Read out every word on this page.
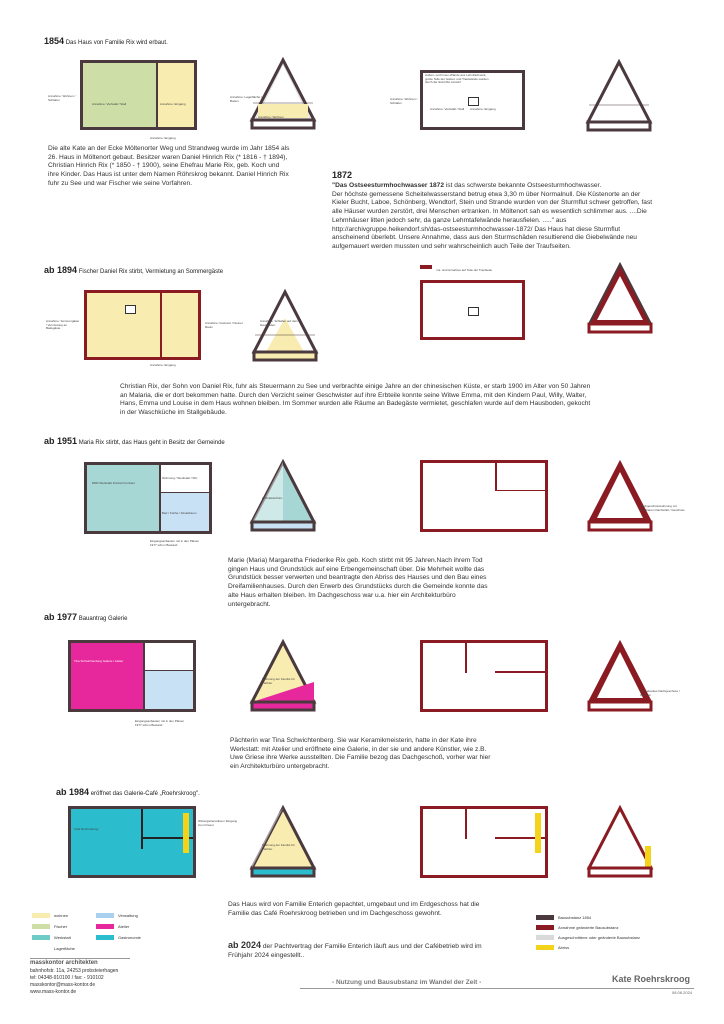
1854 Das Haus von Familie Rix wird erbaut.
Annahme: Wohnen / Schlafen
Annahme: Viehstall / Stall	Annahme: Eingang
Annahme: Eingang
Annahme: Lagerfläche / Boden
Annahme: Wohnen
Die alte Kate an der Ecke Möltenorter Weg und Strandweg wurde im Jahr 1854 als 26. Haus in Möltenort gebaut. Besitzer waren Daniel Hinrich Rix (* 1816 - † 1894), Christian Hinrich Rix (* 1850 - † 1900), seine Ehefrau Marie Rix, geb. Koch und ihre Kinder. Das Haus ist unter dem Namen Röhrskrog bekannt. Daniel Hinrich Rix fuhr zu See und war Fischer wie seine Vorfahren.
Außen- und Innen-Wände aus Lehmfachwerk, große Teile der Giebel- und Traufwände wurden durch die Sturmflut zerstört
Annahme: Wohnen / Schlafen
Annahme: Viehstall / Stall	Annahme: Eingang
1872
"Das Ostseesturmhochwasser 1872 ist das schwerste bekannte Ostseesturmhochwasser.
Der höchste gemessene Scheitelwasserstand betrug etwa 3,30 m über Normalnull. Die Küstenorte an der Kieler Bucht, Laboe, Schönberg, Wendtorf, Stein und Strande wurden von der Sturmflut schwer getroffen, fast alle Häuser wurden zerstört, drei Menschen ertranken. In Möltenort sah es wesentlich schlimmer aus. ....Die Lehmhäuser litten jedoch sehr, da ganze Lehmtafelwände herausfielen. ....." aus http://archivgruppe.heikendorf.sh/das-ostseesturmhochwasser-1872/ Das Haus hat diese Sturmflut anscheinend überlebt. Unsere Annahme, dass aus den Sturmschäden resultierend die Giebelwände neu aufgemauert werden mussten und sehr wahrscheinlich auch Teile der Traufseiten.
ab 1894 Fischer Daniel Rix stirbt, Vermietung an Sommergäste
Annahme: Sommergäste / Vermietung an Badegäste
Annahme: Festnetz / Kleiner Raum
Annahme: Eingang
Annahme: Schlafen auf dem Hausboden
Ca. sind Annahme auf Teile der Traufseite
Christian Rix, der Sohn von Daniel Rix, fuhr als Steuermann zu See und verbrachte einige Jahre an der chinesischen Küste, er starb 1900 im Alter von 50 Jahren an Malaria, die er dort bekommen hatte. Durch den Verzicht seiner Geschwister auf ihre Erbteile konnte seine Witwe Emma, mit den Kindern Paul, Willy, Walter, Hans, Emma und Louise in dem Haus wohnen bleiben. Im Sommer wurden alle Räume an Badegäste vermietet, geschlafen wurde auf dem Hausboden, gekocht in der Waschküche im Stallgebäude.
ab 1951 Maria Rix stirbt, das Haus geht in Besitz der Gemeinde
DDR Werkstatt Freizeit Kontrast
Wohnung / Werkstatt / WC
Bad / Küche / Abstellraum
Eingangsanbauten mit in den Plänen 1977 schon Bestand
Architekturbüro
Dachgeschosswohnung mit sichtbarem Dachstuhl / Geschoss
Marie (Maria) Margaretha Friederike Rix geb. Koch stirbt mit 95 Jahren.Nach ihrem Tod gingen Haus und Grundstück auf eine Erbengemeinschaft über. Die Mehrheit wollte das Grundstück besser verwerten und beantragte den Abriss des Hauses und den Bau eines Dreifamilienhauses. Durch den Erwerb des Grundstücks durch die Gemeinde konnte das alte Haus erhalten bleiben. Im Dachgeschoss war u.a. hier ein Architekturbüro untergebracht.
ab 1977 Bauantrag Galerie
Tina Schwichtenberg Galerie / Atelier
Eingangsanbauten mit in den Plänen 1977 schon Bestand
Wohnung der Familie für Pächter
Ausgebautes Dachgeschoss / Wohnen
Pächterin war Tina Schwichtenberg. Sie war Keramikmeisterin, hatte in der Kate ihre Werkstatt: mit Atelier und eröffnete eine Galerie, in der sie und andere Künstler, wie z.B. Uwe Griese ihre Werke ausstellten. Die Familie bezog das Dachgeschoß, vorher war hier ein Architekturbüro untergebracht.
ab 1984 eröffnet das Galerie-Café „Roehrskroog".
Café Roehrskroog
Wintergartenanbau / Eingang zum Friseur
Wohnung der Familie für Pächter
Das Haus wird von Familie Enterich gepachtet, umgebaut und im Erdgeschoss hat die Familie das Café Roehrskroog betrieben und im Dachgeschoss gewohnt.
ab 2024 der Pachtvertrag der Familie Enterich läuft aus und der Cafébetrieb wird im Frühjahr 2024 eingestellt..
wohnen
Fischer
Werkstatt
Lagerfläche
Verwaltung
Atelier
Gastronomie
Bausubstanz 1854
Annahme geänderte Bausubstanz
Ausgeschnittene oder geänderte Bausubstanz
Abriss
masskontor architekten
bahnhofstr. 11a, 24253 probsteierhagen
tel: 04348-910100 / fax: - 910102
masskontor@mass-kontor.de
www.mass-kontor.de
- Nutzung und Bausubstanz im Wandel der Zeit -	Kate Roehrskroog
08.06.2024
